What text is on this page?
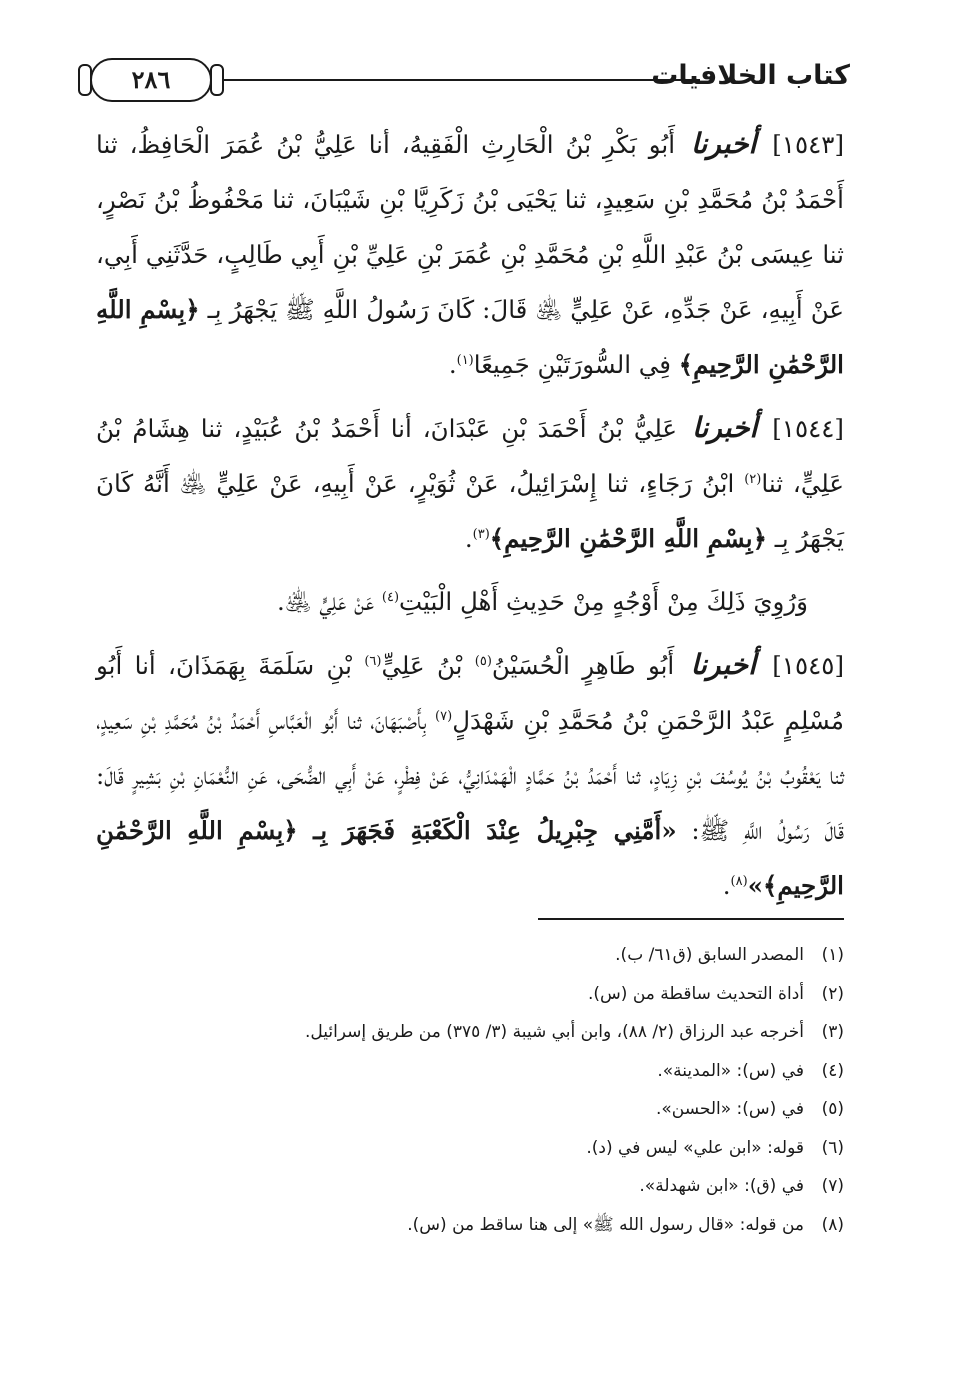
كتاب الخلافيات
٢٨٦

[١٥٤٣] أخبرنا أَبُو بَكْرِ بْنُ الْحَارِثِ الْفَقِيهُ، أنا عَلِيُّ بْنُ عُمَرَ الْحَافِظُ، ثنا أَحْمَدُ بْنُ مُحَمَّدِ بْنِ سَعِيدٍ، ثنا يَحْيَى بْنُ زَكَرِيَّا بْنِ شَيْبَانَ، ثنا مَحْفُوظُ بْنُ نَصْرٍ، ثنا عِيسَى بْنُ عَبْدِ اللَّهِ بْنِ مُحَمَّدِ بْنِ عُمَرَ بْنِ عَلِيِّ بْنِ أَبِي طَالِبٍ، حَدَّثَنِي أَبِي، عَنْ أَبِيهِ، عَنْ جَدِّهِ، عَنْ عَلِيٍّ ﵁ قَالَ: كَانَ رَسُولُ اللَّهِ ﷺ يَجْهَرُ بِـ ﴿بِسْمِ اللَّهِ الرَّحْمَٰنِ الرَّحِيمِ﴾ فِي السُّورَتَيْنِ جَمِيعًا$^{(١)}$.

[١٥٤٤] أخبرنا عَلِيُّ بْنُ أَحْمَدَ بْنِ عَبْدَانَ، أنا أَحْمَدُ بْنُ عُبَيْدٍ، ثنا هِشَامُ بْنُ عَلِيٍّ، ثنا$^{(٢)}$ ابْنُ رَجَاءٍ، ثنا إِسْرَائِيلُ، عَنْ ثُوَيْرٍ، عَنْ أَبِيهِ، عَنْ عَلِيٍّ ﵁ أَنَّهُ كَانَ يَجْهَرُ بِـ ﴿بِسْمِ اللَّهِ الرَّحْمَٰنِ الرَّحِيمِ﴾$^{(٣)}$.

وَرُوِيَ ذَلِكَ مِنْ أَوْجُهٍ مِنْ حَدِيثِ أَهْلِ الْبَيْتِ$^{(٤)}$ عَنْ عَلِيٍّ ﵁.

[١٥٤٥] أخبرنا أَبُو طَاهِرٍ الْحُسَيْنُ$^{(٥)}$ بْنُ عَلِيٍّ$^{(٦)}$ بْنِ سَلَمَةَ بِهَمَذَانَ، أنا أَبُو مُسْلِمٍ عَبْدُ الرَّحْمَنِ بْنُ مُحَمَّدِ بْنِ شَهْدَلٍ$^{(٧)}$ بِأَصْبَهَانَ، ثنا أَبُو الْعَبَّاسِ أَحْمَدُ بْنُ مُحَمَّدِ بْنِ سَعِيدٍ، ثنا يَعْقُوبُ بْنُ يُوسُفَ بْنِ زِيَادٍ، ثنا أَحْمَدُ بْنُ حَمَّادٍ الْهَمْدَانِيُّ، عَنْ فِطْرٍ، عَنْ أَبِي الضُّحَى، عَنِ النُّعْمَانِ بْنِ بَشِيرٍ قَالَ: قَالَ رَسُولُ اللَّهِ ﷺ: «أَمَّنِي جِبْرِيلُ عِنْدَ الْكَعْبَةِ فَجَهَرَ بِـ ﴿بِسْمِ اللَّهِ الرَّحْمَٰنِ الرَّحِيمِ﴾»$^{(٨)}$.

(١)المصدر السابق (ق٦١/ ب).
(٢)أداة التحديث ساقطة من (س).
(٣)أخرجه عبد الرزاق (٢/ ٨٨)، وابن أبي شيبة (٣/ ٣٧٥) من طريق إسرائيل.
(٤)في (س): «المدينة».
(٥)في (س): «الحسن».
(٦)قوله: «ابن علي» ليس في (د).
(٧)في (ق): «ابن شهدلة».
(٨)من قوله: «قال رسول الله ﷺ» إلى هنا ساقط من (س).
